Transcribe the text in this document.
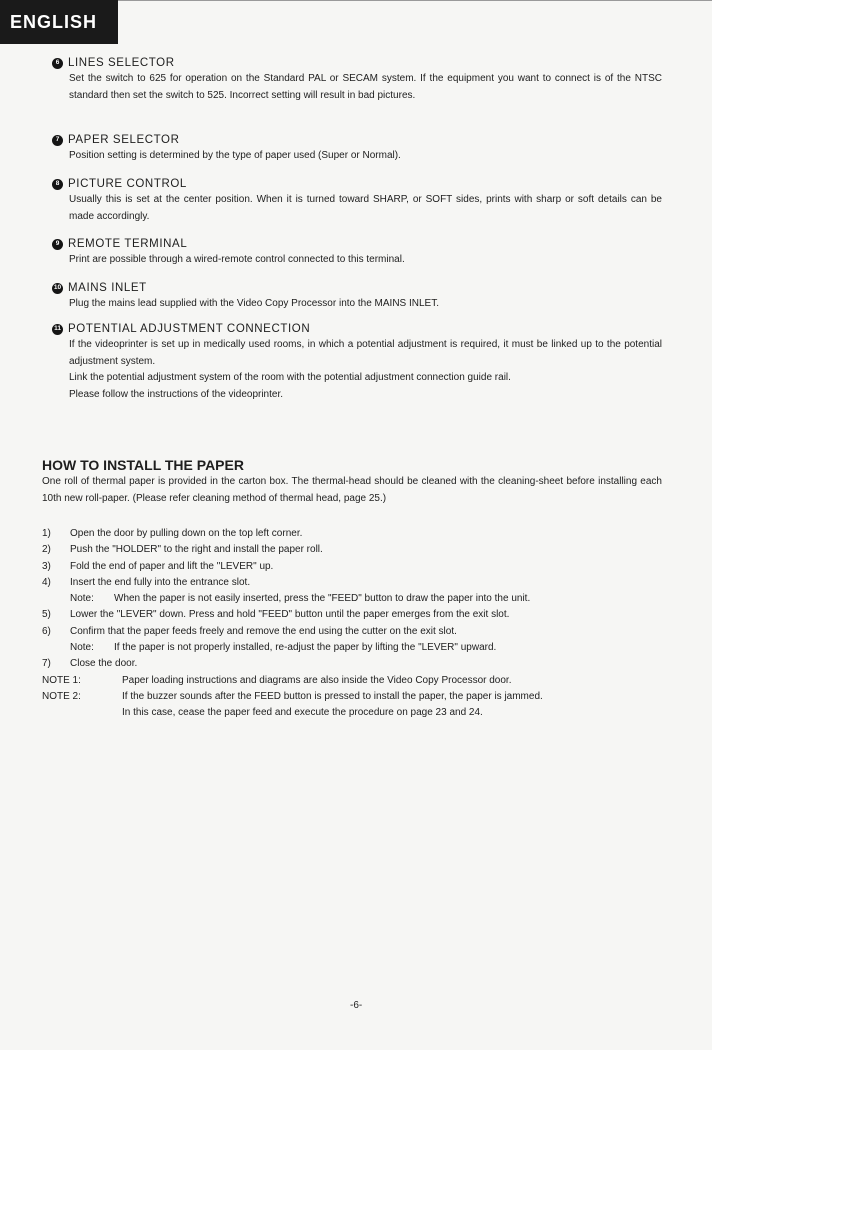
ENGLISH
6 LINES SELECTOR

Set the switch to 625 for operation on the Standard PAL or SECAM system. If the equipment you want to connect is of the NTSC standard then set the switch to 525. Incorrect setting will result in bad pictures.

7 PAPER SELECTOR

Position setting is determined by the type of paper used (Super or Normal).

8 PICTURE CONTROL

Usually this is set at the center position. When it is turned toward SHARP, or SOFT sides, prints with sharp or soft details can be made accordingly.

9 REMOTE TERMINAL

Print are possible through a wired-remote control connected to this terminal.

10 MAINS INLET

Plug the mains lead supplied with the Video Copy Processor into the MAINS INLET.

11 POTENTIAL ADJUSTMENT CONNECTION

If the videoprinter is set up in medically used rooms, in which a potential adjustment is required, it must be linked up to the potential adjustment system.

Link the potential adjustment system of the room with the potential adjustment connection guide rail.

Please follow the instructions of the videoprinter.

HOW TO INSTALL THE PAPER
One roll of thermal paper is provided in the carton box. The thermal-head should be cleaned with the cleaning-sheet before installing each 10th new roll-paper. (Please refer cleaning method of thermal head, page 25.)
1)	Open the door by pulling down on the top left corner.
2)	Push the "HOLDER" to the right and install the paper roll.
3)	Fold the end of paper and lift the "LEVER" up.
4)	Insert the end fully into the entrance slot.
Note:	When the paper is not easily inserted, press the "FEED" button to draw the paper into the unit.
5)	Lower the "LEVER" down. Press and hold "FEED" button until the paper emerges from the exit slot.
6)	Confirm that the paper feeds freely and remove the end using the cutter on the exit slot.
Note:	If the paper is not properly installed, re-adjust the paper by lifting the "LEVER" upward.
7)	Close the door.
NOTE 1:	Paper loading instructions and diagrams are also inside the Video Copy Processor door.
NOTE 2:	If the buzzer sounds after the FEED button is pressed to install the paper, the paper is jammed.
In this case, cease the paper feed and execute the procedure on page 23 and 24.
-6-
